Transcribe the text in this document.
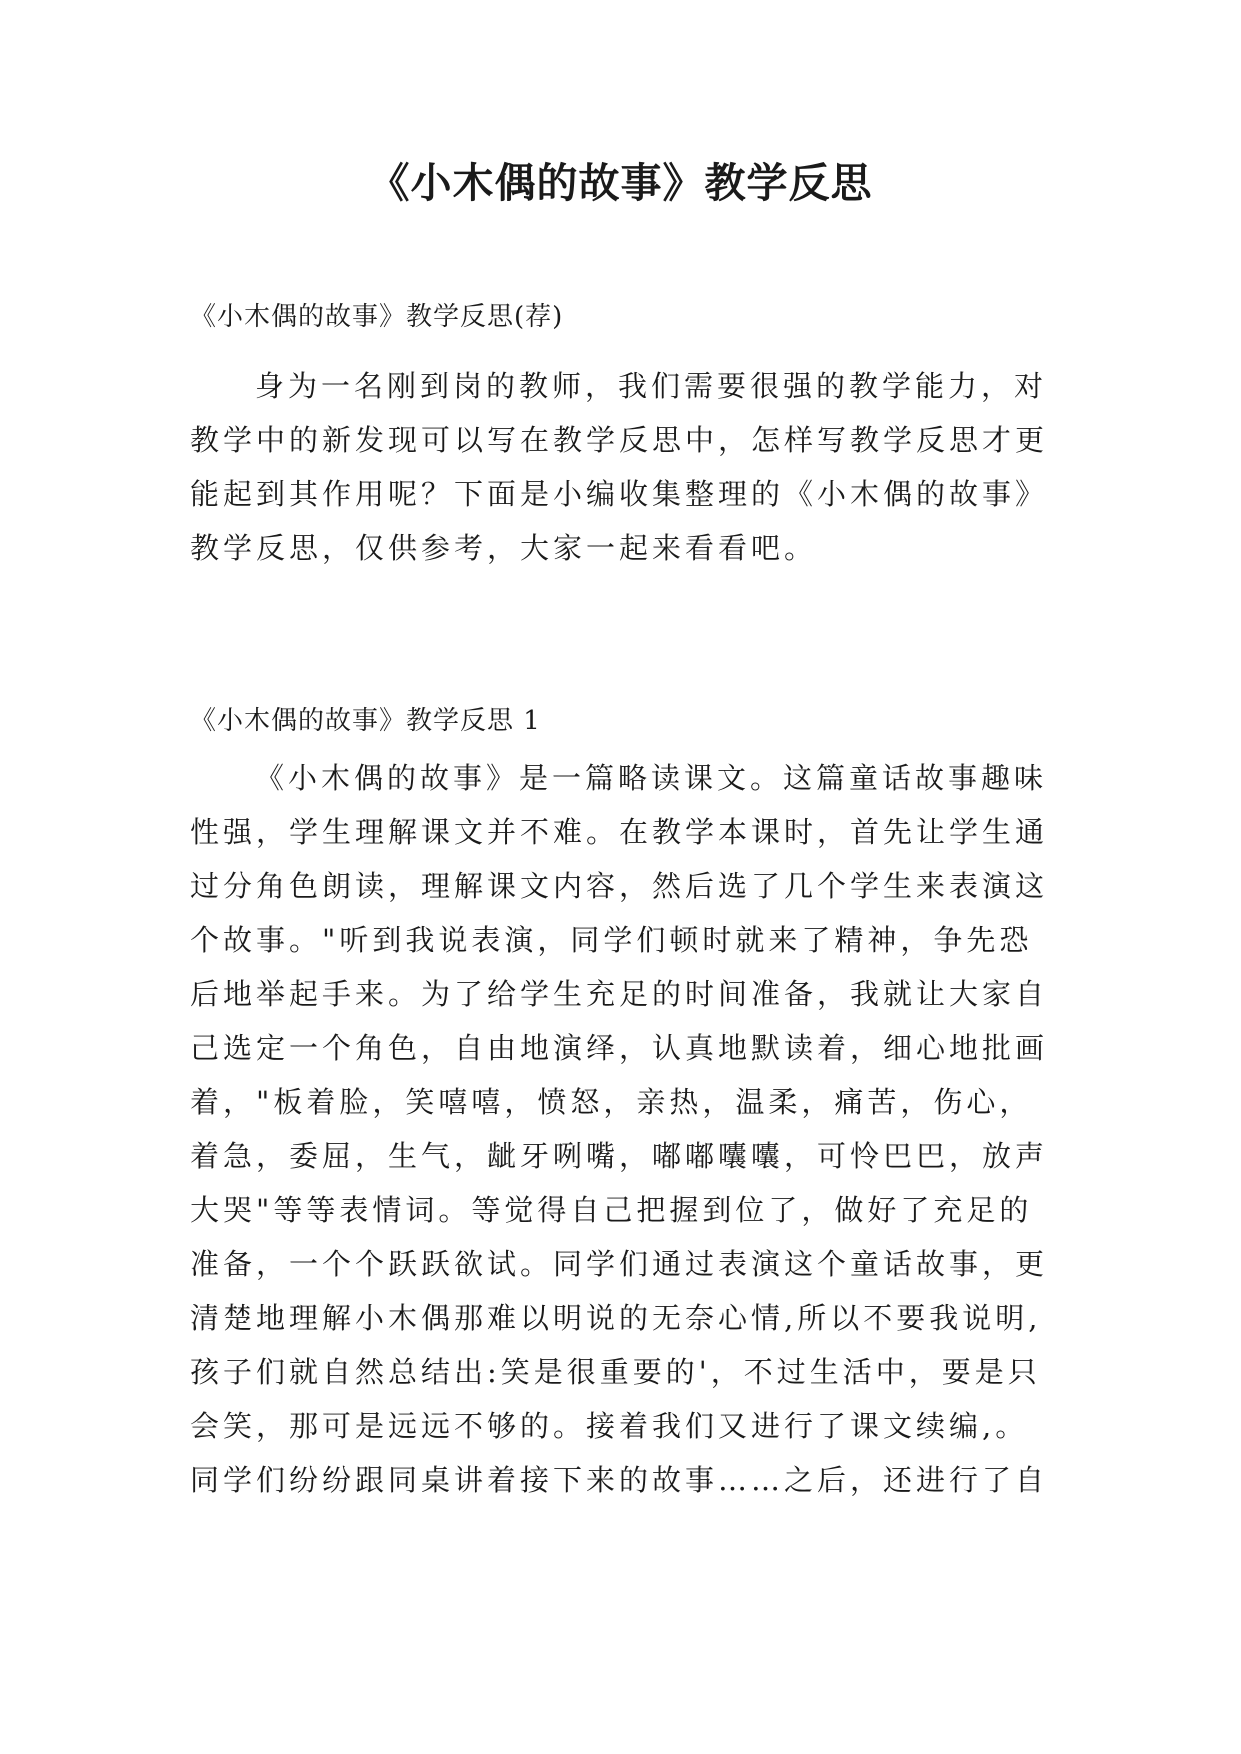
《小木偶的故事》教学反思

《小木偶的故事》教学反思(荐)

身为一名刚到岗的教师，我们需要很强的教学能力，对

教学中的新发现可以写在教学反思中，怎样写教学反思才更

能起到其作用呢？下面是小编收集整理的《小木偶的故事》

教学反思，仅供参考，大家一起来看看吧。

《小木偶的故事》教学反思 1

《小木偶的故事》是一篇略读课文。这篇童话故事趣味

性强，学生理解课文并不难。在教学本课时，首先让学生通

过分角色朗读，理解课文内容，然后选了几个学生来表演这

个故事。"听到我说表演，同学们顿时就来了精神，争先恐

后地举起手来。为了给学生充足的时间准备，我就让大家自

己选定一个角色，自由地演绎，认真地默读着，细心地批画

着，"板着脸，笑嘻嘻，愤怒，亲热，温柔，痛苦，伤心，

着急，委屈，生气，龇牙咧嘴，嘟嘟囔囔，可怜巴巴，放声

大哭"等等表情词。等觉得自己把握到位了，做好了充足的

准备，一个个跃跃欲试。同学们通过表演这个童话故事，更

清楚地理解小木偶那难以明说的无奈心情,所以不要我说明,

孩子们就自然总结出:笑是很重要的'，不过生活中，要是只

会笑，那可是远远不够的。接着我们又进行了课文续编,。

同学们纷纷跟同桌讲着接下来的故事……之后，还进行了自
